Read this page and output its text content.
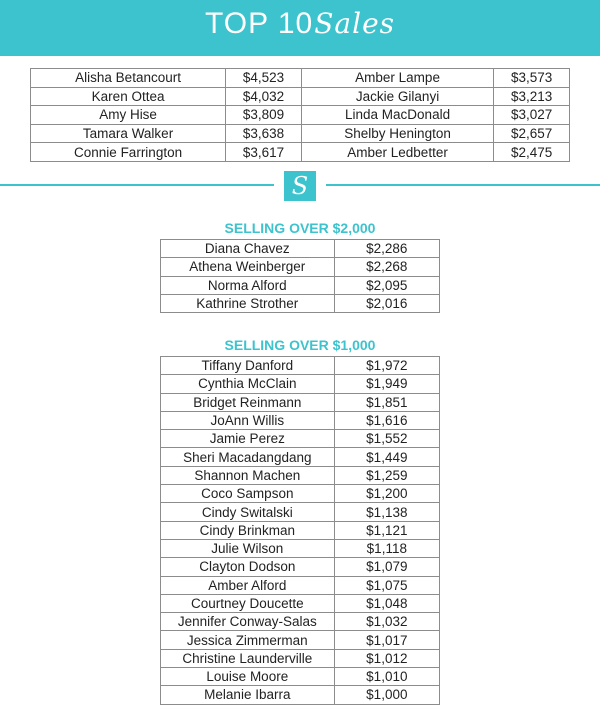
TOP 10Sales
Alisha Betancourt	$4,523	Amber Lampe	$3,573
Karen Ottea	$4,032	Jackie Gilanyi	$3,213
Amy Hise	$3,809	Linda MacDonald	$3,027
Tamara Walker	$3,638	Shelby Henington	$2,657
Connie Farrington	$3,617	Amber Ledbetter	$2,475
S
SELLING OVER $2,000
Diana Chavez	$2,286
Athena Weinberger	$2,268
Norma Alford	$2,095
Kathrine Strother	$2,016
SELLING OVER $1,000
Tiffany Danford	$1,972
Cynthia McClain	$1,949
Bridget Reinmann	$1,851
JoAnn Willis	$1,616
Jamie Perez	$1,552
Sheri Macadangdang	$1,449
Shannon Machen	$1,259
Coco Sampson	$1,200
Cindy Switalski	$1,138
Cindy Brinkman	$1,121
Julie Wilson	$1,118
Clayton Dodson	$1,079
Amber Alford	$1,075
Courtney Doucette	$1,048
Jennifer Conway-Salas	$1,032
Jessica Zimmerman	$1,017
Christine Launderville	$1,012
Louise Moore	$1,010
Melanie Ibarra	$1,000
